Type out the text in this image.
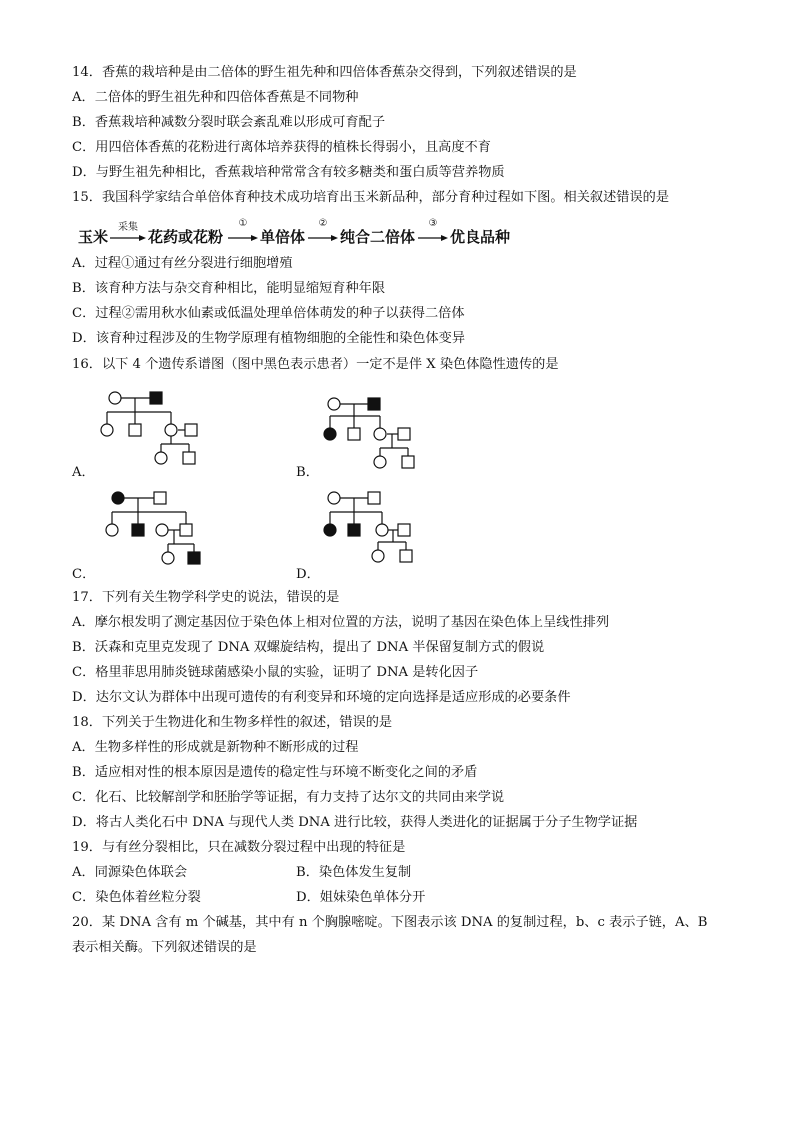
14．香蕉的栽培种是由二倍体的野生祖先种和四倍体香蕉杂交得到，下列叙述错误的是
A．二倍体的野生祖先种和四倍体香蕉是不同物种
B．香蕉栽培种减数分裂时联会紊乱难以形成可育配子
C．用四倍体香蕉的花粉进行离体培养获得的植株长得弱小，且高度不育
D．与野生祖先种相比，香蕉栽培种常常含有较多糖类和蛋白质等营养物质
15．我国科学家结合单倍体育种技术成功培育出玉米新品种，部分育种过程如下图。相关叙述错误的是
玉米
采集
花药或花粉
①
单倍体
②
纯合二倍体
③
优良品种
A．过程①通过有丝分裂进行细胞增殖
B．该育种方法与杂交育种相比，能明显缩短育种年限
C．过程②需用秋水仙素或低温处理单倍体萌发的种子以获得二倍体
D．该育种过程涉及的生物学原理有植物细胞的全能性和染色体变异
16．以下 4 个遗传系谱图（图中黑色表示患者）一定不是伴 X 染色体隐性遗传的是
A．	B．
C．	D．
17．下列有关生物学科学史的说法，错误的是
A．摩尔根发明了测定基因位于染色体上相对位置的方法，说明了基因在染色体上呈线性排列
B．沃森和克里克发现了 DNA 双螺旋结构，提出了 DNA 半保留复制方式的假说
C．格里菲思用肺炎链球菌感染小鼠的实验，证明了 DNA 是转化因子
D．达尔文认为群体中出现可遗传的有利变异和环境的定向选择是适应形成的必要条件
18．下列关于生物进化和生物多样性的叙述，错误的是
A．生物多样性的形成就是新物种不断形成的过程
B．适应相对性的根本原因是遗传的稳定性与环境不断变化之间的矛盾
C．化石、比较解剖学和胚胎学等证据，有力支持了达尔文的共同由来学说
D．将古人类化石中 DNA 与现代人类 DNA 进行比较，获得人类进化的证据属于分子生物学证据
19．与有丝分裂相比，只在减数分裂过程中出现的特征是
A．同源染色体联会	B．染色体发生复制
C．染色体着丝粒分裂	D．姐妹染色单体分开
20．某 DNA 含有 m 个碱基，其中有 n 个胸腺嘧啶。下图表示该 DNA 的复制过程，b、c 表示子链，A、B
表示相关酶。下列叙述错误的是
